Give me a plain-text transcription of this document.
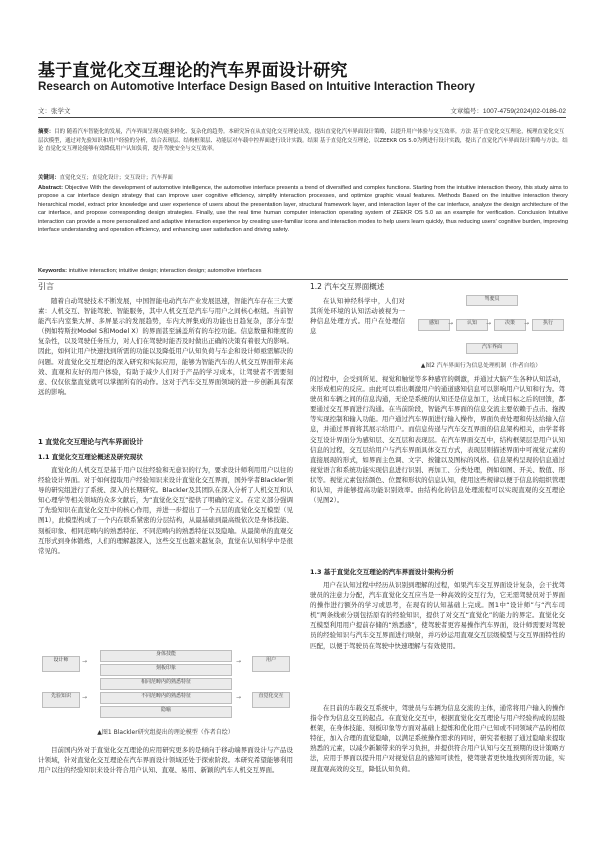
基于直觉化交互理论的汽车界面设计研究
Research on Automotive Interface Design Based on Intuitive Interaction Theory
文：张学文	文章编号：1007-4759(2024)02-0186-02
摘要：目的 随着汽车智能化的发展，汽车界面呈现功能多样化、复杂化的趋势。本研究旨在从直觉化交互理论出发，提出直觉化汽车界面设计策略，以提升用户体验与交互效率。方法 基于直觉化交互理论，梳理直觉化交互层次模型，通过对先验知识和用户经验的分析，结合表现层、结构框架层、功能层对车载中控界面进行设计实践。结果 基于直觉化交互理论，以ZEEKR OS 5.0为例进行设计实践，提出了直觉化汽车界面设计策略与方法。结论 直觉化交互理论能够有效降低用户认知负荷，提升驾驶安全与交互效率。
关键词：直觉化交互；直觉化设计；交互设计；汽车界面
Abstract: Objective With the development of automotive intelligence, the automotive interface presents a trend of diversified and complex functions. Starting from the intuitive interaction theory, this study aims to propose a car interface design strategy that can improve user cognitive efficiency, simplify interaction processes, and optimize graphic visual features. Methods Based on the intuitive interaction theory hierarchical model, extract prior knowledge and user experience of users about the presentation layer, structural framework layer, and interaction layer of the car interface, analyze the design architecture of the car interface, and propose corresponding design strategies. Finally, use the real time human computer interaction operating system of ZEEKR OS 5.0 as an example for verification. Conclusion Intuitive interaction can provide a more personalized and adaptive interaction experience by creating user-familiar icons and interaction modes to help users learn quickly, thus reducing users' cognitive burden, improving interface understanding and operation efficiency, and enhancing user satisfaction and driving safety.
Keywords: intuitive interaction; intuitive design; interaction design; automotive interfaces
引言

随着自动驾驶技术不断发展，中国智能电动汽车产业发展迅速，智能汽车存在三大要素：人机交互、智能驾驶、智能服务，其中人机交互是汽车与用户之间核心枢纽。当前智能汽车内室集大屏、多屏显示的发展趋势，车内大屏集成的功能也日趋复杂，部分车型（例如特斯拉Model S和Model X）的界面甚至涵盖所有的车控功能。信息数量和维度的复杂性，以及驾驶任务压力，对人们在驾驶时能否及时做出正确的决策有着很大的影响。因此，如何让用户快速找到所需的功能以及降低用户认知负荷与车企和设计师亟需解决的问题。对直觉化交互理论的深入研究和实际应用，能够为智能汽车的人机交互界面带来高效、直观和友好的用户体验，有助于减少人们对于产品的学习成本，让驾驶者不需要刻意、仅仅依靠直觉就可以掌握所有的动作。这对于汽车交互界面领域的进一步创新具有深远的影响。

1 直觉化交互理论与汽车界面设计
1.1 直觉化交互理论概述及研究现状

直觉化的人机交互是基于用户以往经验和无意识的行为，要求设计师利用用户以往的经验设计界面。对于如何提取用户经验知识来设计直觉化交互界面，国外学者Blackler领导的研究组进行了系统、深入的长期研究。Blackler及其团队在深入分析了人机交互和认知心理学等相关领域的众多文献后，为“直觉化交互”提供了明确的定义。在定义部分强调了先验知识在直觉化交互中的核心作用，并进一步提出了一个五层的直觉化交互模型（见图1），此模型构成了一个内在联系紧密的分层结构，从最基础到最高级依次是身体技能、刻板印象、相同范畴内的熟悉特征、不同范畴内的熟悉特征以及隐喻。从最简单的直观交互形式到身体锻炼，人们的理解越深入，这些交互也越来越复杂，直觉在认知科学中是很常见的。

设计师
先验知识
身体技能
刻板印象
相同范畴内的熟悉特征
不同范畴内的熟悉特征
隐喻
用户
直觉化交互
→
→
→
→
▲图1 Blackler研究组提出的理论模型（作者自绘）

目前国内外对于直觉化交互理论的应用研究更多的是倾向于移动端界面设计与产品设计领域，针对直觉化交互理论在汽车界面设计领域还处于探索阶段。本研究希望能够利用用户以往的经验知识来设计符合用户认知、直观、易用、新颖的汽车人机交互界面。

1.2 汽车交互界面概述

在认知神经科学中，人们对其所处环境的认知活动被视为一种信息处理方式。用户在处理信息

的过程中，会受到所见、视觉和触觉等多种感官的刺激，并通过大脑产生各种认知活动，来形成相应的反应。由此可以看出刺激用户的通道感知信息可以影响用户认知和行为。驾驶员和车辆之间的信息沟通，无论是系统的认知还是信息加工，达成目标之后的回馈，都要通过交互界面进行沟通。在当前阶段，智能汽车界面的信息交流主要依赖于点击、拖拽等实现控制和输入功能。用户通过汽车界面进行输入操作，界面负责处理和传达给输入信息，并通过界面将其展示给用户。而信息传递与汽车交互界面的信息架构相关，由学者将交互设计界面分为感知层、交互层和表现层。在汽车界面交互中，结构框架层是用户认知信息的过程，交互层给用户与汽车界面具体交互方式，表现层则描述界面中可视觉元素的直接展现的形式，如界面主色调、文字、按键以及图标的风格。信息架构呈现的信息通过视觉语言和系统功能实现信息进行识别、再加工、分类处理，例如如图、开关、数值、形状等。视觉元素包括颜色、位置和形状的信息认知，使用这些规律以便于信息的组织管理和认知，并能够提高功能识别效率。由结构化的信息处理流程可以实现直观的交互理论（见图2）。

1.3 基于直觉化交互理论的汽车界面设计架构分析

用户在认知过程中经历从识别到理解的过程，如果汽车交互界面设计复杂，会干扰驾驶员的注意力分配，汽车直觉化交互应当是一种高效的交互行为，它无需驾驶员对于界面的操作进行额外的学习或思考，在现有的认知基础上完成。图1中“设计师”与“汽车司机”两条线索分别包括原有的经验知识，提供了对交互“直觉化”的能力的界定。直觉化交互模型利用用户提前存储的“熟悉感”，使驾驶者更容易操作汽车界面，设计师需要对驾驶员的经验知识与汽车交互界面进行映射，并巧妙运用直观交互层级模型与交互界面特性的匹配，以便于驾驶员在驾驶中快速理解与有效使用。

在目前的车载交互系统中，驾驶员与车辆为信息交流的主体，通常将用户输入的操作指令作为信息交互的起点。在直觉化交互中，根据直觉化交互理论与用户经验构成的层级框架，在身体技能、刻板印象等方面对基础上提炼和优化用户已知或不同领域产品的相似特征，加入合理的直觉隐喻，以满足系统操作需求的同时，研究者根据了通过隐喻来提取熟悉的元素，以减少新颖带来的学习负担，并提供符合用户认知与交互预期的设计策略方法，应用于界面以提升用户对视觉信息的感知可读性，使驾驶者更快地找到所需功能，实现直观高效的交互，降低认知负荷。

驾驶员
感知	认知	决策	执行
汽车界面
→	→	→
▲图2 汽车界面行为信息处理机制（作者自绘）
